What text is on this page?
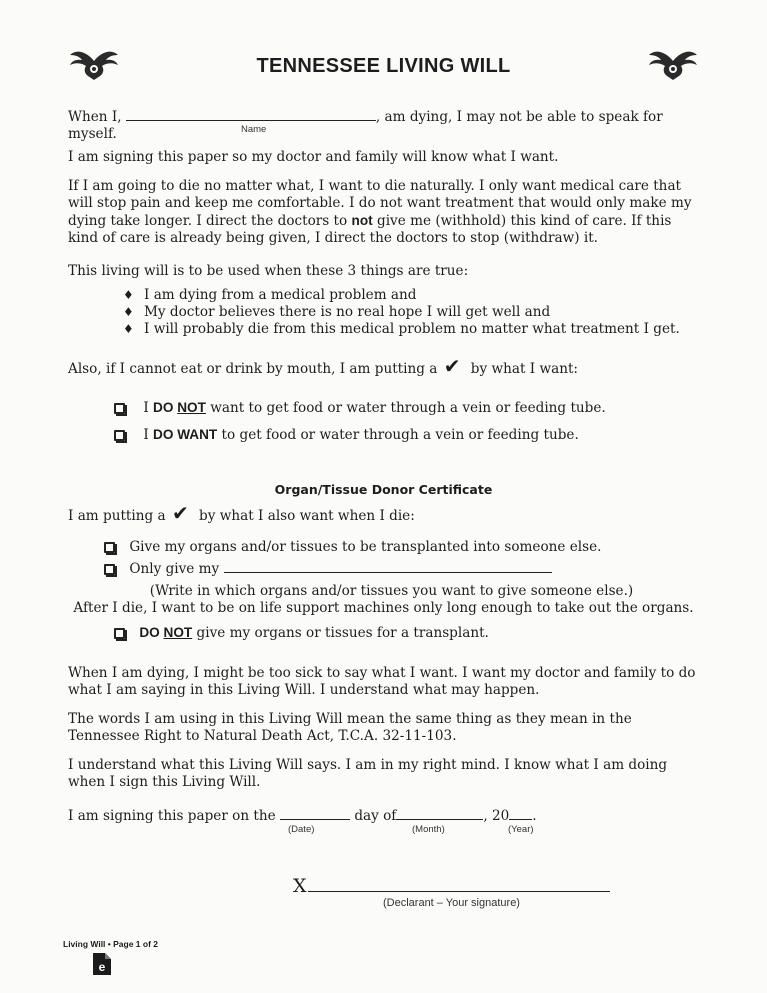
TENNESSEE LIVING WILL
When I,	, am dying, I may not be able to speak for myself.	Name
I am signing this paper so my doctor and family will know what I want.
If I am going to die no matter what, I want to die naturally. I only want medical care that will stop pain and keep me comfortable. I do not want treatment that would only make my dying take longer. I direct the doctors to not give me (withhold) this kind of care. If this kind of care is already being given, I direct the doctors to stop (withdraw) it.
This living will is to be used when these 3 things are true:
♦ I am dying from a medical problem and
♦ My doctor believes there is no real hope I will get well and
♦ I will probably die from this medical problem no matter what treatment I get.
Also, if I cannot eat or drink by mouth, I am putting a ✔ by what I want:
I DO NOT want to get food or water through a vein or feeding tube.
I DO WANT to get food or water through a vein or feeding tube.
Organ/Tissue Donor Certificate
I am putting a ✔ by what I also want when I die:
Give my organs and/or tissues to be transplanted into someone else.
Only give my
(Write in which organs and/or tissues you want to give someone else.)
After I die, I want to be on life support machines only long enough to take out the organs.
DO NOT give my organs or tissues for a transplant.
When I am dying, I might be too sick to say what I want. I want my doctor and family to do what I am saying in this Living Will. I understand what may happen.
The words I am using in this Living Will mean the same thing as they mean in the Tennessee Right to Natural Death Act, T.C.A. 32-11-103.
I understand what this Living Will says. I am in my right mind. I know what I am doing when I sign this Living Will.
I am signing this paper on the	day of	, 20 .
(Date)	(Month)	(Year)
X
(Declarant – Your signature)
Living Will • Page 1 of 2
e
